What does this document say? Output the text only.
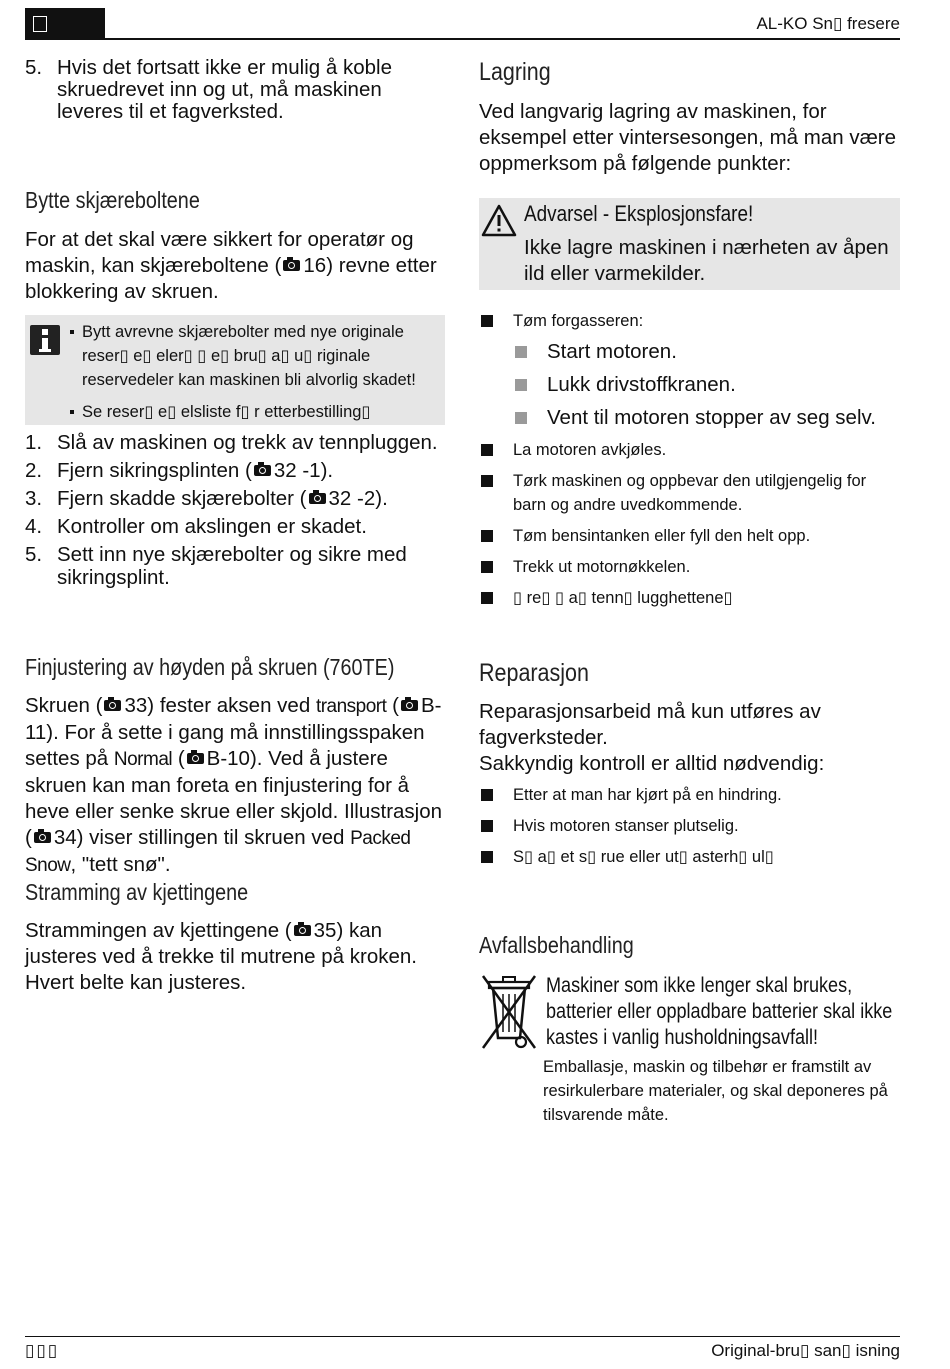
AL-KO Sn▯ fresere
5. Hvis det fortsatt ikke er mulig å koble skruedrevet inn og ut, må maskinen leveres til et fagverksted.
Bytte skjæreboltene
For at det skal være sikkert for operatør og maskin, kan skjæreboltene ( 16) revne etter blokkering av skruen.
Bytt avrevne skjærebolter med nye originale reser▯ e▯ eler▯ ▯ e▯ bru▯ a▯ u▯ riginale reservedeler kan maskinen bli alvorlig skadet!
Se reser▯ e▯ elsliste f▯ r etterbestilling▯
1. Slå av maskinen og trekk av tennpluggen.
2. Fjern sikringsplinten ( 32 -1).
3. Fjern skadde skjærebolter ( 32 -2).
4. Kontroller om akslingen er skadet.
5. Sett inn nye skjærebolter og sikre med sikringsplint.
Finjustering av høyden på skruen (760TE)
Skruen ( 33) fester aksen ved transport ( B-11). For å sette i gang må innstillingsspaken settes på Normal ( B-10). Ved å justere skruen kan man foreta en finjustering for å heve eller senke skrue eller skjold. Illustrasjon ( 34) viser stillingen til skruen ved Packed Snow, "tett snø".
Stramming av kjettingene
Strammingen av kjettingene ( 35) kan justeres ved å trekke til mutrene på kroken. Hvert belte kan justeres.
Lagring
Ved langvarig lagring av maskinen, for eksempel etter vintersesongen, må man være oppmerksom på følgende punkter:
Advarsel - Eksplosjonsfare!
Ikke lagre maskinen i nærheten av åpen ild eller varmekilder.
Tøm forgasseren:
Start motoren.
Lukk drivstoffkranen.
Vent til motoren stopper av seg selv.
La motoren avkjøles.
Tørk maskinen og oppbevar den utilgjengelig for barn og andre uvedkommende.
Tøm bensintanken eller fyll den helt opp.
Trekk ut motornøkkelen.
▯ re▯ ▯ a▯ tenn▯ lugghettene▯
Reparasjon
Reparasjonsarbeid må kun utføres av fagverksteder.
Sakkyndig kontroll er alltid nødvendig:
Etter at man har kjørt på en hindring.
Hvis motoren stanser plutselig.
S▯ a▯ et s▯ rue eller ut▯ asterh▯ ul▯
Avfallsbehandling
Maskiner som ikke lenger skal brukes, batterier eller oppladbare batterier skal ikke kastes i vanlig husholdningsavfall!
Emballasje, maskin og tilbehør er framstilt av resirkulerbare materialer, og skal deponeres på tilsvarende måte.
▯▯▯	Original-bru▯ san▯ isning
